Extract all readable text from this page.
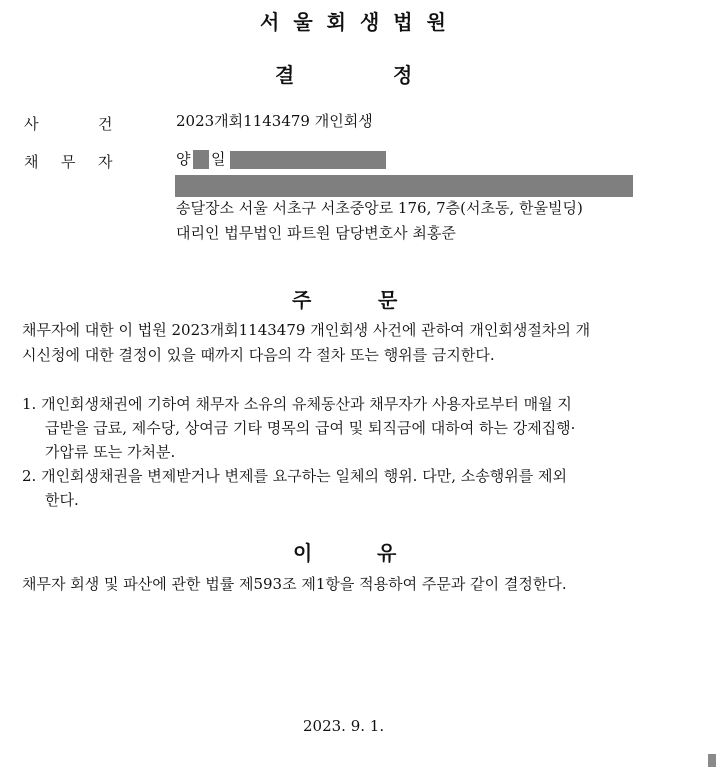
서울회생법원
결	정
사	건	2023개회1143479 개인회생
채 무 자	양 일
송달장소 서울 서초구 서초중앙로 176, 7층(서초동, 한울빌딩)
대리인 법무법인 파트원 담당변호사 최홍준
주	문
채무자에 대한 이 법원 2023개회1143479 개인회생 사건에 관하여 개인회생절차의 개
시신청에 대한 결정이 있을 때까지 다음의 각 절차 또는 행위를 금지한다.
1. 개인회생채권에 기하여 채무자 소유의 유체동산과 채무자가 사용자로부터 매월 지
급받을 급료, 제수당, 상여금 기타 명목의 급여 및 퇴직금에 대하여 하는 강제집행·
가압류 또는 가처분.
2. 개인회생채권을 변제받거나 변제를 요구하는 일체의 행위. 다만, 소송행위를 제외
한다.
이	유
채무자 회생 및 파산에 관한 법률 제593조 제1항을 적용하여 주문과 같이 결정한다.
2023. 9. 1.
